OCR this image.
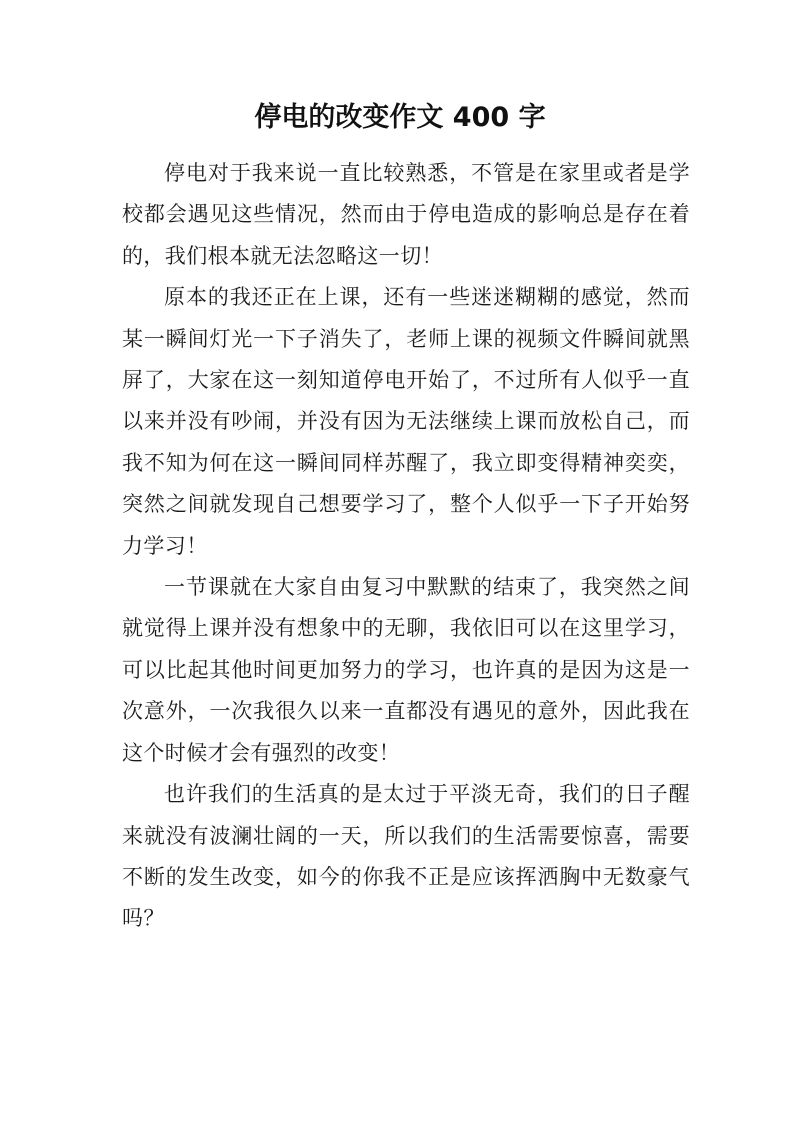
停电的改变作文 400 字

停电对于我来说一直比较熟悉，不管是在家里或者是学校都会遇见这些情况，然而由于停电造成的影响总是存在着的，我们根本就无法忽略这一切！

原本的我还正在上课，还有一些迷迷糊糊的感觉，然而某一瞬间灯光一下子消失了，老师上课的视频文件瞬间就黑屏了，大家在这一刻知道停电开始了，不过所有人似乎一直以来并没有吵闹，并没有因为无法继续上课而放松自己，而我不知为何在这一瞬间同样苏醒了，我立即变得精神奕奕，突然之间就发现自己想要学习了，整个人似乎一下子开始努力学习！

一节课就在大家自由复习中默默的结束了，我突然之间就觉得上课并没有想象中的无聊，我依旧可以在这里学习，可以比起其他时间更加努力的学习，也许真的是因为这是一次意外，一次我很久以来一直都没有遇见的意外，因此我在这个时候才会有强烈的改变！

也许我们的生活真的是太过于平淡无奇，我们的日子醒来就没有波澜壮阔的一天，所以我们的生活需要惊喜，需要不断的发生改变，如今的你我不正是应该挥洒胸中无数豪气吗？
